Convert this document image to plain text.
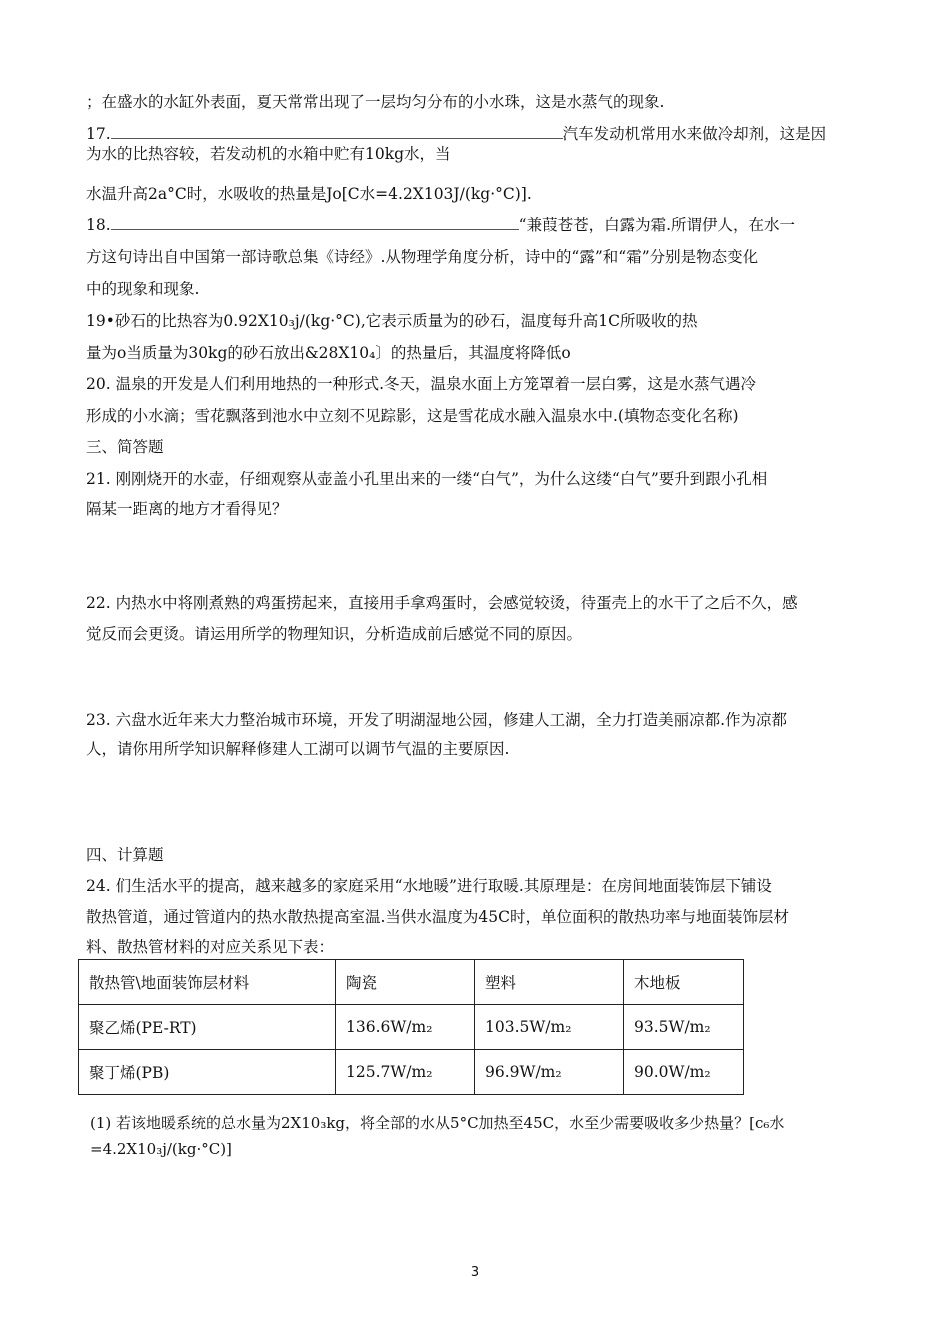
；在盛水的水缸外表面，夏天常常出现了一层均匀分布的小水珠，这是水蒸气的现象.
17.	汽车发动机常用水来做冷却剂，这是因
为水的比热容较，若发动机的水箱中贮有10kg水，当
水温升高2a°C时，水吸收的热量是Jo[C水=4.2X103J/(kg·°C)].
18.	“兼葭苍苍，白露为霜.所谓伊人，在水一
方这句诗出自中国第一部诗歌总集《诗经》.从物理学角度分析，诗中的“露”和“霜”分别是物态变化
中的现象和现象.
19•砂石的比热容为0.92X10₃j/(kg·°C),它表示质量为的砂石，温度每升高1C所吸收的热
量为o当质量为30kg的砂石放出&28X10₄〕的热量后，其温度将降低o
20. 温泉的开发是人们利用地热的一种形式.冬天，温泉水面上方笼罩着一层白雾，这是水蒸气遇冷
形成的小水滴；雪花飘落到池水中立刻不见踪影，这是雪花成水融入温泉水中.(填物态变化名称)
三、简答题
21. 刚刚烧开的水壶，仔细观察从壶盖小孔里出来的一缕“白气”，为什么这缕“白气”要升到跟小孔相
隔某一距离的地方才看得见？
22. 内热水中将刚煮熟的鸡蛋捞起来，直接用手拿鸡蛋时，会感觉较烫，待蛋壳上的水干了之后不久，感
觉反而会更烫。请运用所学的物理知识，分析造成前后感觉不同的原因。
23. 六盘水近年来大力整治城市环境，开发了明湖湿地公园，修建人工湖，全力打造美丽凉都.作为凉都
人，请你用所学知识解释修建人工湖可以调节气温的主要原因.
四、计算题
24. 们生活水平的提高，越来越多的家庭采用“水地暖”进行取暖.其原理是：在房间地面装饰层下铺设
散热管道，通过管道内的热水散热提高室温.当供水温度为45C时，单位面积的散热功率与地面装饰层材
料、散热管材料的对应关系见下表：
散热管\地面装饰层材料	陶瓷	塑料	木地板
聚乙烯(PE-RT)	136.6W/m₂	103.5W/m₂	93.5W/m₂
聚丁烯(PB)	125.7W/m₂	96.9W/m₂	90.0W/m₂
(1) 若该地暖系统的总水量为2X10₃kg，将全部的水从5°C加热至45C，水至少需要吸收多少热量？[c₆水
=4.2X10₃j/(kg·°C)]
3
